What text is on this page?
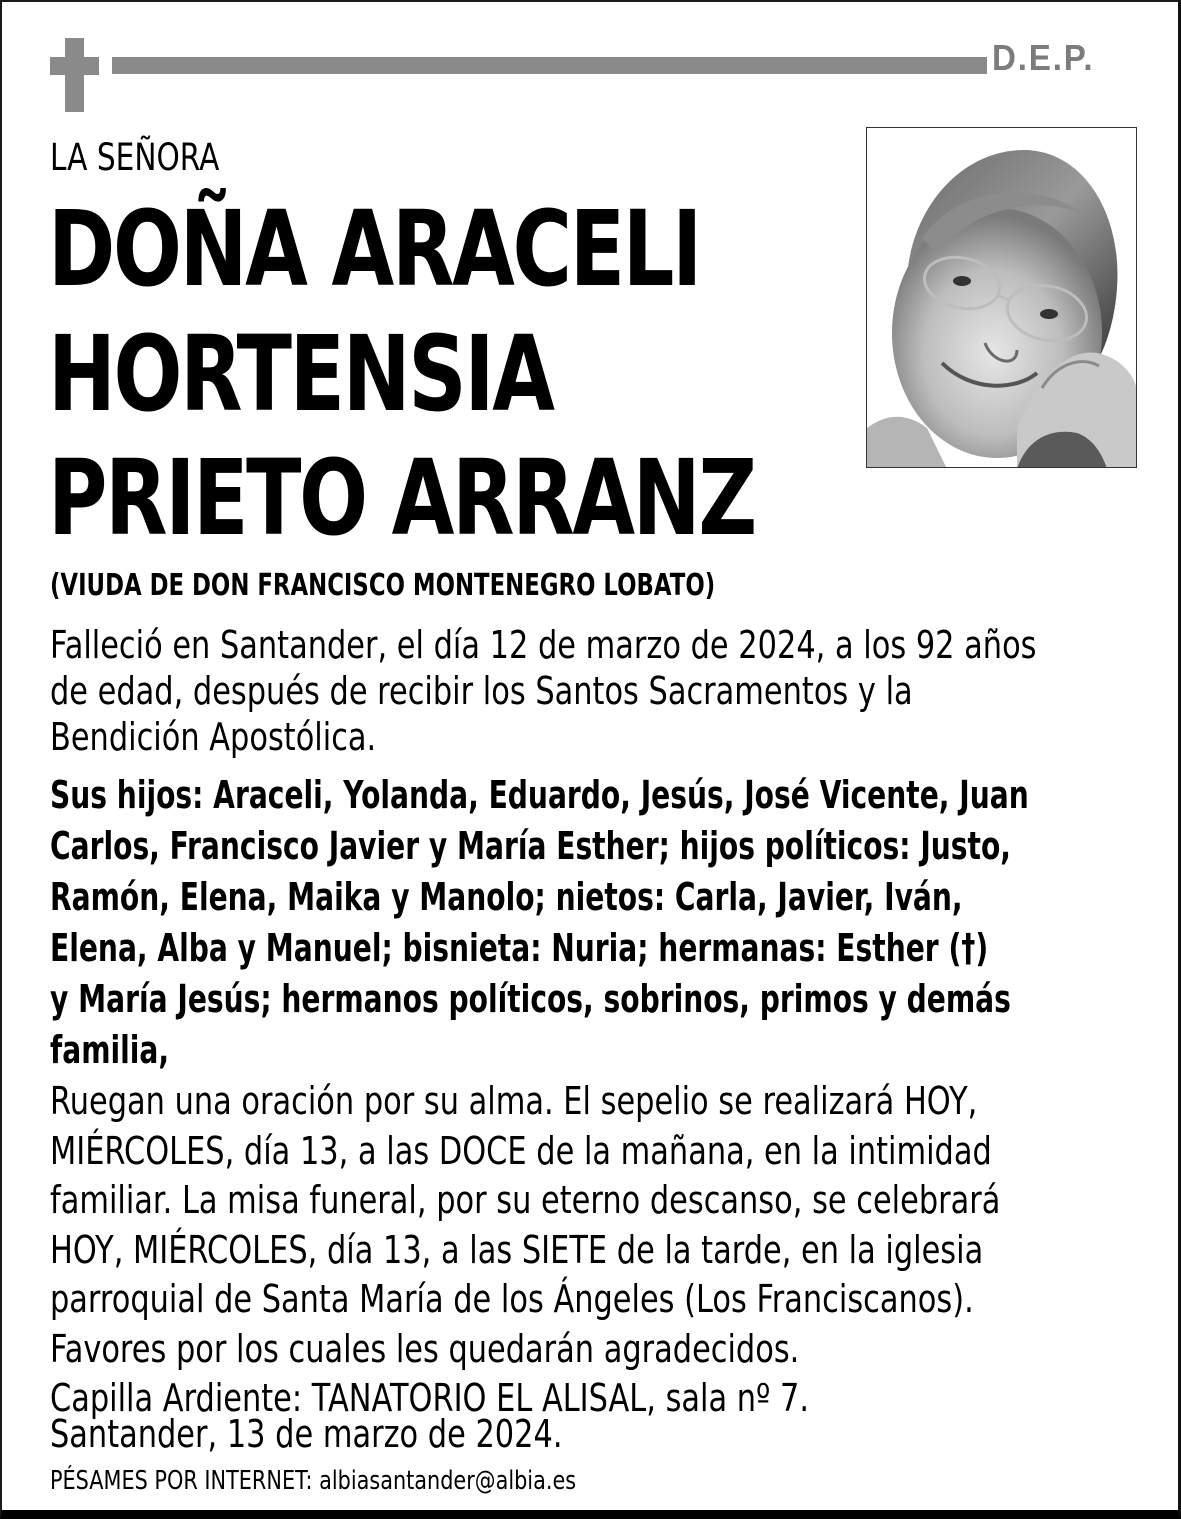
D.E.P.
LA SEÑORA
DOÑA ARACELI
HORTENSIA
PRIETO ARRANZ
(VIUDA DE DON FRANCISCO MONTENEGRO LOBATO)
Falleció en Santander, el día 12 de marzo de 2024, a los 92 años
de edad, después de recibir los Santos Sacramentos y la
Bendición Apostólica.
Sus hijos: Araceli, Yolanda, Eduardo, Jesús, José Vicente, Juan
Carlos, Francisco Javier y María Esther; hijos políticos: Justo,
Ramón, Elena, Maika y Manolo; nietos: Carla, Javier, Iván,
Elena, Alba y Manuel; bisnieta: Nuria; hermanas: Esther (†)
y María Jesús; hermanos políticos, sobrinos, primos y demás
familia,
Ruegan una oración por su alma. El sepelio se realizará HOY,
MIÉRCOLES, día 13, a las DOCE de la mañana, en la intimidad
familiar. La misa funeral, por su eterno descanso, se celebrará
HOY, MIÉRCOLES, día 13, a las SIETE de la tarde, en la iglesia
parroquial de Santa María de los Ángeles (Los Franciscanos).
Favores por los cuales les quedarán agradecidos.
Capilla Ardiente: TANATORIO EL ALISAL, sala nº 7.
Santander, 13 de marzo de 2024.
PÉSAMES POR INTERNET: albiasantander@albia.es
